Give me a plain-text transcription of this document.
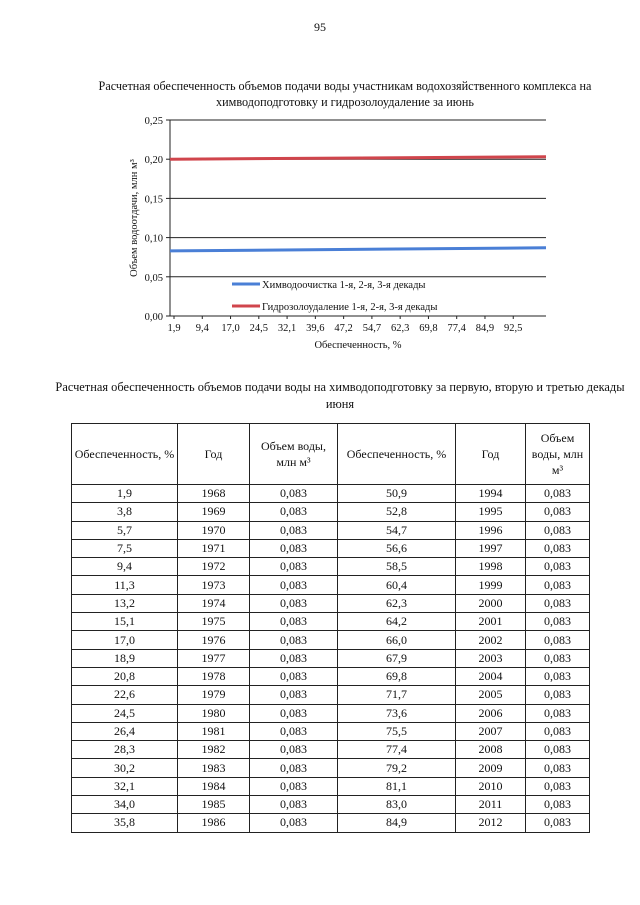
95
Расчетная обеспеченность объемов подачи воды участникам водохозяйственного комплекса на химводоподготовку и гидрозолоудаление за июнь
0,00
0,05
0,10
0,15
0,20
0,25
1,9 9,4 17,0 24,5 32,1 39,6 47,2 54,7 62,3 69,8 77,4 84,9 92,5
Химводоочистка 1-я, 2-я, 3-я декады
Гидрозолоудаление 1-я, 2-я, 3-я декады
Обеспеченность, %
Объем водоотдачи, млн м³
Расчетная обеспеченность объемов подачи воды на химводоподготовку за первую, вторую и третью декады июня
Обеспеченность, %	Год	Объем воды, млн м³	Обеспеченность, %	Год	Объем воды, млн м³
1,9	1968	0,083	50,9	1994	0,083
3,8	1969	0,083	52,8	1995	0,083
5,7	1970	0,083	54,7	1996	0,083
7,5	1971	0,083	56,6	1997	0,083
9,4	1972	0,083	58,5	1998	0,083
11,3	1973	0,083	60,4	1999	0,083
13,2	1974	0,083	62,3	2000	0,083
15,1	1975	0,083	64,2	2001	0,083
17,0	1976	0,083	66,0	2002	0,083
18,9	1977	0,083	67,9	2003	0,083
20,8	1978	0,083	69,8	2004	0,083
22,6	1979	0,083	71,7	2005	0,083
24,5	1980	0,083	73,6	2006	0,083
26,4	1981	0,083	75,5	2007	0,083
28,3	1982	0,083	77,4	2008	0,083
30,2	1983	0,083	79,2	2009	0,083
32,1	1984	0,083	81,1	2010	0,083
34,0	1985	0,083	83,0	2011	0,083
35,8	1986	0,083	84,9	2012	0,083
